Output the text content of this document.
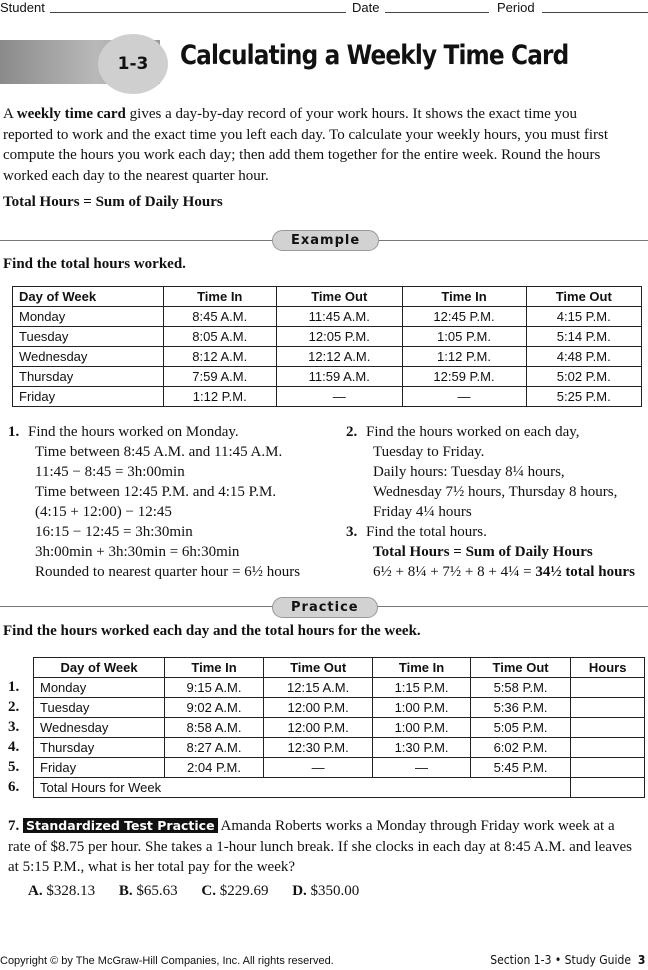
Student	Date	Period
1-3 Calculating a Weekly Time Card
A weekly time card gives a day-by-day record of your work hours. It shows the exact time you reported to work and the exact time you left each day. To calculate your weekly hours, you must first compute the hours you work each day; then add them together for the entire week. Round the hours worked each day to the nearest quarter hour.
Total Hours = Sum of Daily Hours
Example
Find the total hours worked.
Day of Week	Time In	Time Out	Time In	Time Out
Monday	8:45 A.M.	11:45 A.M.	12:45 P.M.	4:15 P.M.
Tuesday	8:05 A.M.	12:05 P.M.	1:05 P.M.	5:14 P.M.
Wednesday	8:12 A.M.	12:12 A.M.	1:12 P.M.	4:48 P.M.
Thursday	7:59 A.M.	11:59 A.M.	12:59 P.M.	5:02 P.M.
Friday	1:12 P.M.	—	—	5:25 P.M.
1. Find the hours worked on Monday.
Time between 8:45 A.M. and 11:45 A.M.
11:45 − 8:45 = 3h:00min
Time between 12:45 P.M. and 4:15 P.M.
(4:15 + 12:00) − 12:45
16:15 − 12:45 = 3h:30min
3h:00min + 3h:30min = 6h:30min
Rounded to nearest quarter hour = 6½ hours
2. Find the hours worked on each day,
Tuesday to Friday.
Daily hours: Tuesday 8¼ hours,
Wednesday 7½ hours, Thursday 8 hours,
Friday 4¼ hours
3. Find the total hours.
Total Hours = Sum of Daily Hours
6½ + 8¼ + 7½ + 8 + 4¼ = 34½ total hours
Practice
Find the hours worked each day and the total hours for the week.
1.
2.
3.
4.
5.
6.
Day of Week	Time In	Time Out	Time In	Time Out	Hours
Monday	9:15 A.M.	12:15 A.M.	1:15 P.M.	5:58 P.M.	
Tuesday	9:02 A.M.	12:00 P.M.	1:00 P.M.	5:36 P.M.	
Wednesday	8:58 A.M.	12:00 P.M.	1:00 P.M.	5:05 P.M.	
Thursday	8:27 A.M.	12:30 P.M.	1:30 P.M.	6:02 P.M.	
Friday	2:04 P.M.	—	—	5:45 P.M.	
Total Hours for Week					
7. Standardized Test Practice Amanda Roberts works a Monday through Friday work week at a rate of $8.75 per hour. She takes a 1-hour lunch break. If she clocks in each day at 8:45 A.M. and leaves at 5:15 P.M., what is her total pay for the week?
A. $328.13 B. $65.63 C. $229.69 D. $350.00
Copyright © by The McGraw-Hill Companies, Inc. All rights reserved.	Section 1-3 • Study Guide 3
